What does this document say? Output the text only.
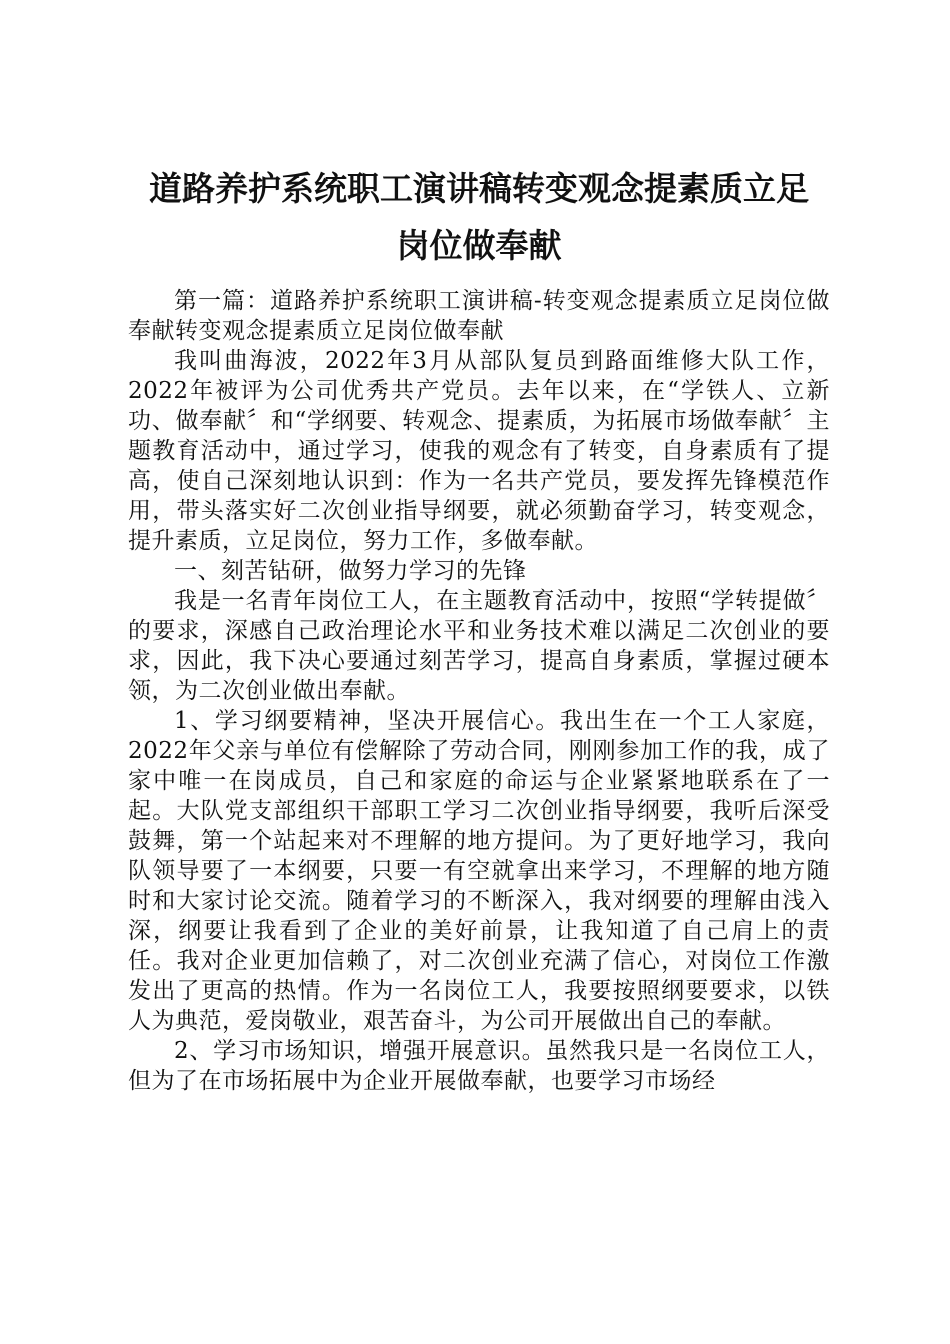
道路养护系统职工演讲稿转变观念提素质立足
岗位做奉献

第一篇：道路养护系统职工演讲稿-转变观念提素质立足岗位做奉献转变观念提素质立足岗位做奉献

我叫曲海波，2022年3月从部队复员到路面维修大队工作，2022年被评为公司优秀共产党员。去年以来，在“学铁人、立新功、做奉献〞和“学纲要、转观念、提素质，为拓展市场做奉献〞主题教育活动中，通过学习，使我的观念有了转变，自身素质有了提高，使自己深刻地认识到：作为一名共产党员，要发挥先锋模范作用，带头落实好二次创业指导纲要，就必须勤奋学习，转变观念，提升素质，立足岗位，努力工作，多做奉献。

一、刻苦钻研，做努力学习的先锋

我是一名青年岗位工人，在主题教育活动中，按照“学转提做〞的要求，深感自己政治理论水平和业务技术难以满足二次创业的要求，因此，我下决心要通过刻苦学习，提高自身素质，掌握过硬本领，为二次创业做出奉献。

1、学习纲要精神，坚决开展信心。我出生在一个工人家庭，2022年父亲与单位有偿解除了劳动合同，刚刚参加工作的我，成了家中唯一在岗成员，自己和家庭的命运与企业紧紧地联系在了一起。大队党支部组织干部职工学习二次创业指导纲要，我听后深受鼓舞，第一个站起来对不理解的地方提问。为了更好地学习，我向队领导要了一本纲要，只要一有空就拿出来学习，不理解的地方随时和大家讨论交流。随着学习的不断深入，我对纲要的理解由浅入深，纲要让我看到了企业的美好前景，让我知道了自己肩上的责任。我对企业更加信赖了，对二次创业充满了信心，对岗位工作激发出了更高的热情。作为一名岗位工人，我要按照纲要要求，以铁人为典范，爱岗敬业，艰苦奋斗，为公司开展做出自己的奉献。

2、学习市场知识，增强开展意识。虽然我只是一名岗位工人，但为了在市场拓展中为企业开展做奉献，也要学习市场经
